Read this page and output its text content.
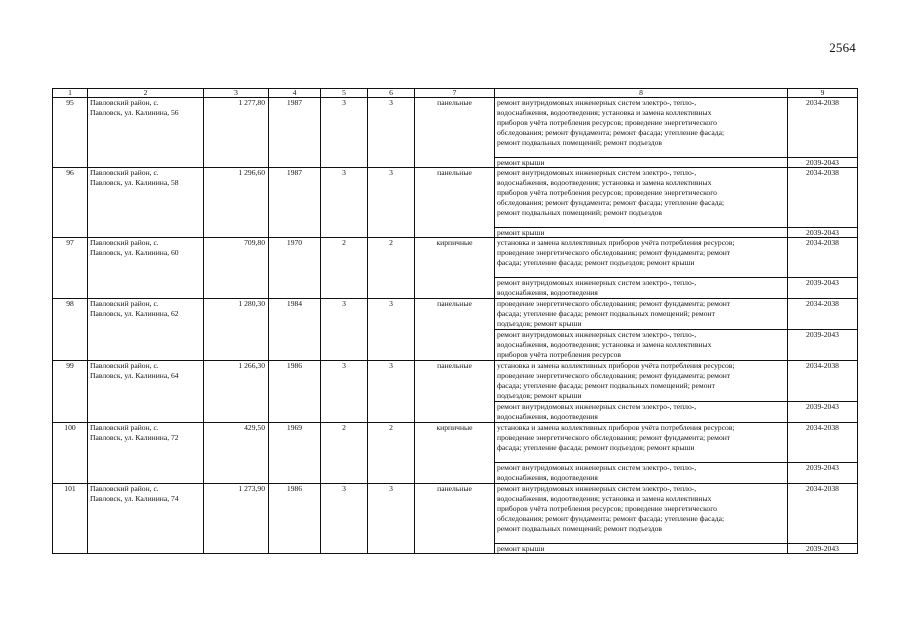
2564
1	2	3	4	5	6	7	8	9
95	Павловский район, с.
Павловск, ул. Калинина, 56	1 277,80	1987	3	3	панельные	ремонт внутридомовых инженерных систем электро-, тепло-,
водоснабжения, водоотведения; установка и замена коллективных
приборов учёта потребления ресурсов; проведение энергетического
обследования; ремонт фундамента; ремонт фасада; утепление фасада;
ремонт подвальных помещений; ремонт подъездов	2034-2038
							ремонт крыши	2039-2043
96	Павловский район, с.
Павловск, ул. Калинина, 58	1 296,60	1987	3	3	панельные	ремонт внутридомовых инженерных систем электро-, тепло-,
водоснабжения, водоотведения; установка и замена коллективных
приборов учёта потребления ресурсов; проведение энергетического
обследования; ремонт фундамента; ремонт фасада; утепление фасада;
ремонт подвальных помещений; ремонт подъездов	2034-2038
							ремонт крыши	2039-2043
97	Павловский район, с.
Павловск, ул. Калинина, 60	709,80	1970	2	2	кирпичные	установка и замена коллективных приборов учёта потребления ресурсов;
проведение энергетического обследования; ремонт фундамента; ремонт
фасада; утепление фасада; ремонт подъездов; ремонт крыши	2034-2038
							ремонт внутридомовых инженерных систем электро-, тепло-,
водоснабжения, водоотведения	2039-2043
98	Павловский район, с.
Павловск, ул. Калинина, 62	1 280,30	1984	3	3	панельные	проведение энергетического обследования; ремонт фундамента; ремонт
фасада; утепление фасада; ремонт подвальных помещений; ремонт
подъездов; ремонт крыши	2034-2038
							ремонт внутридомовых инженерных систем электро-, тепло-,
водоснабжения, водоотведения; установка и замена коллективных
приборов учёта потребления ресурсов	2039-2043
99	Павловский район, с.
Павловск, ул. Калинина, 64	1 266,30	1986	3	3	панельные	установка и замена коллективных приборов учёта потребления ресурсов;
проведение энергетического обследования; ремонт фундамента; ремонт
фасада; утепление фасада; ремонт подвальных помещений; ремонт
подъездов; ремонт крыши	2034-2038
							ремонт внутридомовых инженерных систем электро-, тепло-,
водоснабжения, водоотведения	2039-2043
100	Павловский район, с.
Павловск, ул. Калинина, 72	429,50	1969	2	2	кирпичные	установка и замена коллективных приборов учёта потребления ресурсов;
проведение энергетического обследования; ремонт фундамента; ремонт
фасада; утепление фасада; ремонт подъездов; ремонт крыши	2034-2038
							ремонт внутридомовых инженерных систем электро-, тепло-,
водоснабжения, водоотведения	2039-2043
101	Павловский район, с.
Павловск, ул. Калинина, 74	1 273,90	1986	3	3	панельные	ремонт внутридомовых инженерных систем электро-, тепло-,
водоснабжения, водоотведения; установка и замена коллективных
приборов учёта потребления ресурсов; проведение энергетического
обследования; ремонт фундамента; ремонт фасада; утепление фасада;
ремонт подвальных помещений; ремонт подъездов	2034-2038
							ремонт крыши	2039-2043
